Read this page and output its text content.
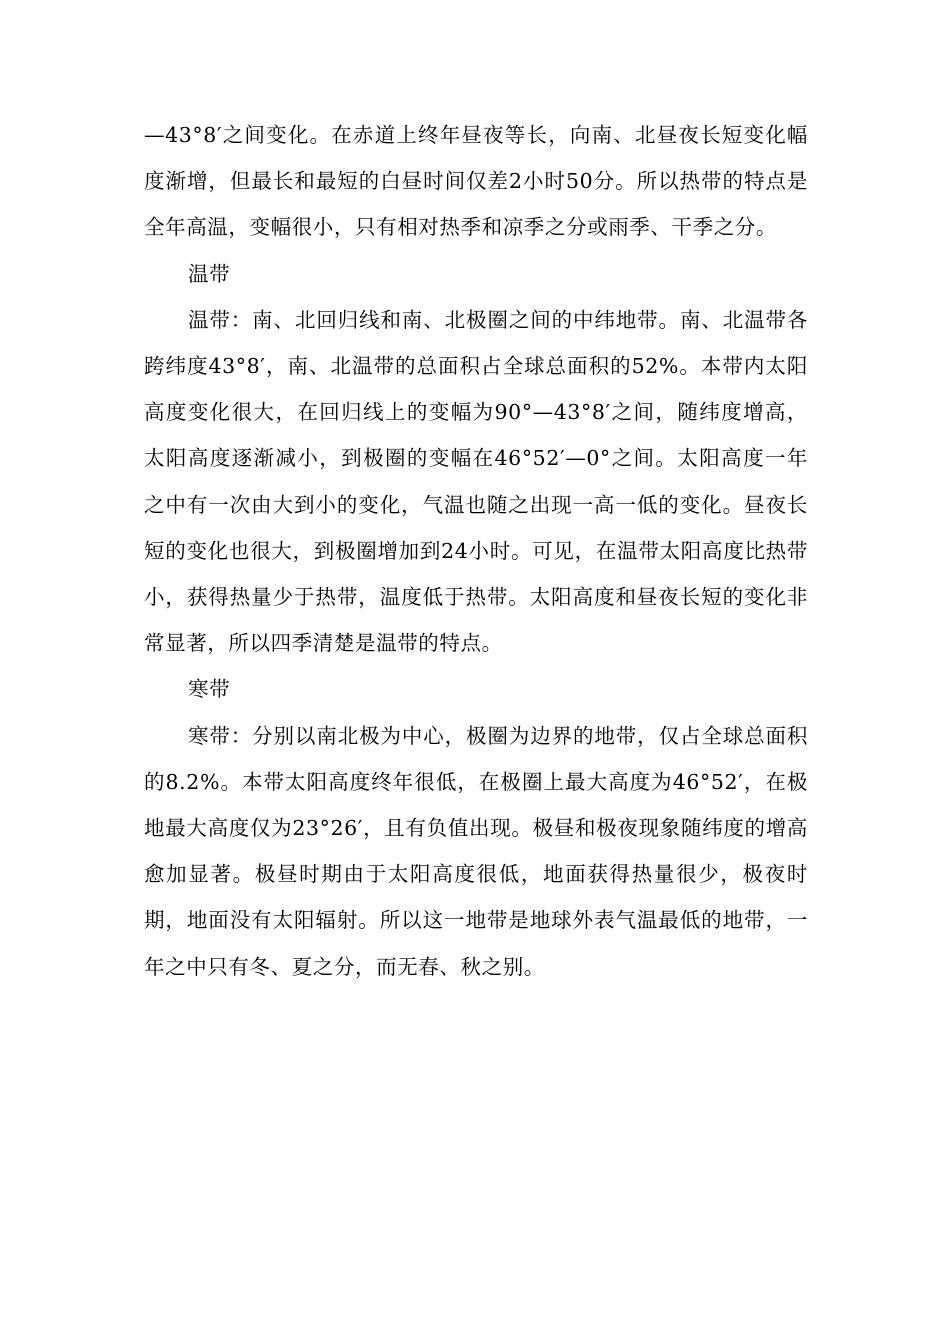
—43°8′之间变化。在赤道上终年昼夜等长，向南、北昼夜长短变化幅度渐增，但最长和最短的白昼时间仅差2小时50分。所以热带的特点是全年高温，变幅很小，只有相对热季和凉季之分或雨季、干季之分。

温带

温带：南、北回归线和南、北极圈之间的中纬地带。南、北温带各跨纬度43°8′，南、北温带的总面积占全球总面积的52%。本带内太阳高度变化很大，在回归线上的变幅为90°—43°8′之间，随纬度增高，太阳高度逐渐减小，到极圈的变幅在46°52′—0°之间。太阳高度一年之中有一次由大到小的变化，气温也随之出现一高一低的变化。昼夜长短的变化也很大，到极圈增加到24小时。可见，在温带太阳高度比热带小，获得热量少于热带，温度低于热带。太阳高度和昼夜长短的变化非常显著，所以四季清楚是温带的特点。

寒带

寒带：分别以南北极为中心，极圈为边界的地带，仅占全球总面积的8.2%。本带太阳高度终年很低，在极圈上最大高度为46°52′，在极地最大高度仅为23°26′，且有负值出现。极昼和极夜现象随纬度的增高愈加显著。极昼时期由于太阳高度很低，地面获得热量很少，极夜时期，地面没有太阳辐射。所以这一地带是地球外表气温最低的地带，一年之中只有冬、夏之分，而无春、秋之别。
